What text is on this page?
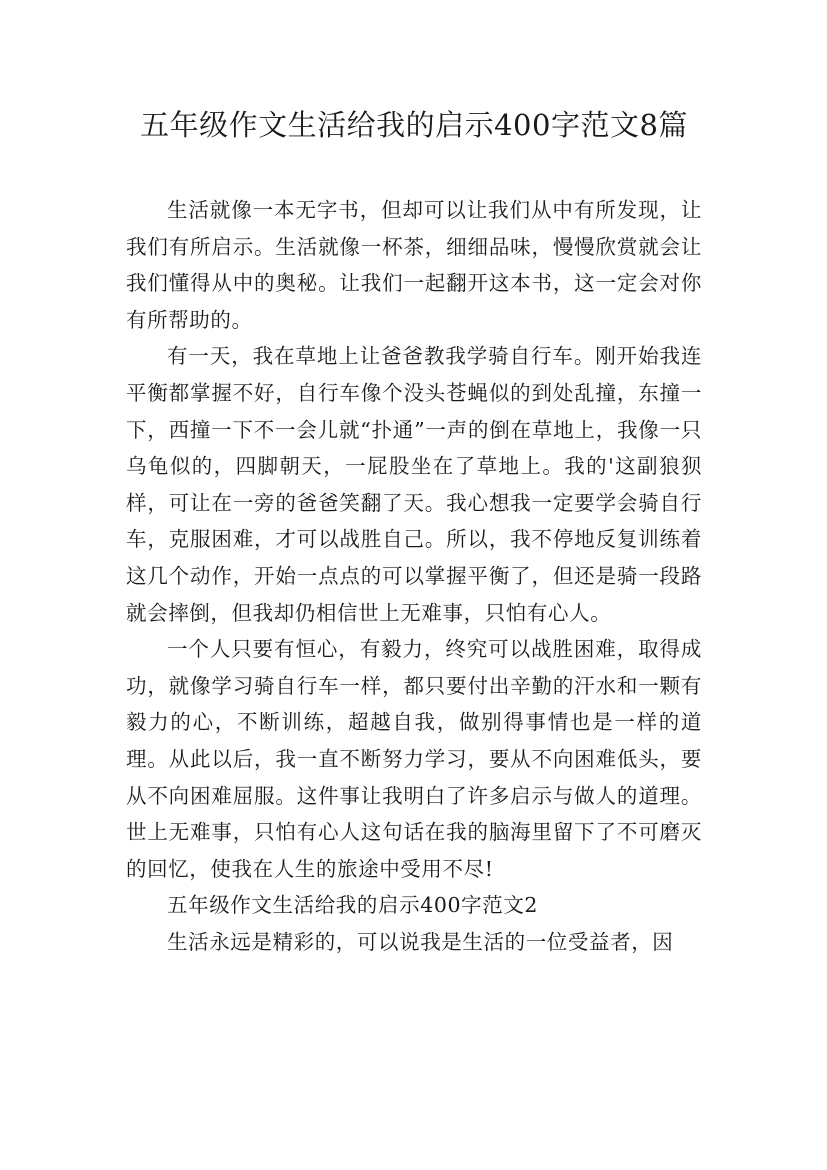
五年级作文生活给我的启示400字范文8篇

生活就像一本无字书，但却可以让我们从中有所发现，让我们有所启示。生活就像一杯茶，细细品味，慢慢欣赏就会让我们懂得从中的奥秘。让我们一起翻开这本书，这一定会对你有所帮助的。

有一天，我在草地上让爸爸教我学骑自行车。刚开始我连平衡都掌握不好，自行车像个没头苍蝇似的到处乱撞，东撞一下，西撞一下不一会儿就“扑通”一声的倒在草地上，我像一只乌龟似的，四脚朝天，一屁股坐在了草地上。我的'这副狼狈样，可让在一旁的爸爸笑翻了天。我心想我一定要学会骑自行车，克服困难，才可以战胜自己。所以，我不停地反复训练着这几个动作，开始一点点的可以掌握平衡了，但还是骑一段路就会摔倒，但我却仍相信世上无难事，只怕有心人。

一个人只要有恒心，有毅力，终究可以战胜困难，取得成功，就像学习骑自行车一样，都只要付出辛勤的汗水和一颗有毅力的心，不断训练，超越自我，做别得事情也是一样的道理。从此以后，我一直不断努力学习，要从不向困难低头，要从不向困难屈服。这件事让我明白了许多启示与做人的道理。世上无难事，只怕有心人这句话在我的脑海里留下了不可磨灭的回忆，使我在人生的旅途中受用不尽!

五年级作文生活给我的启示400字范文2

生活永远是精彩的，可以说我是生活的一位受益者，因
